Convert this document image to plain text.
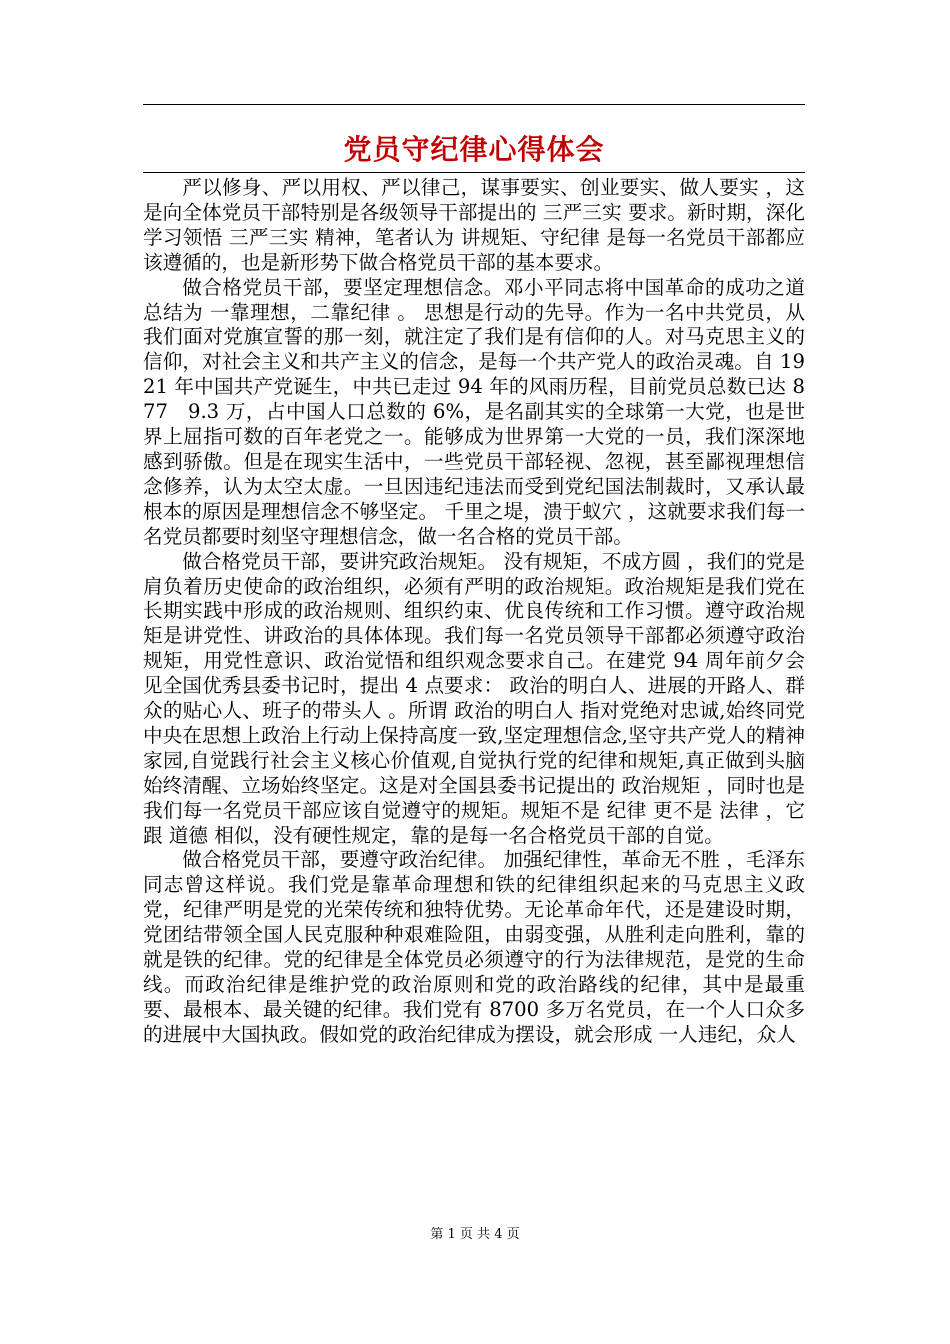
党员守纪律心得体会

严以修身、严以用权、严以律己，谋事要实、创业要实、做人要实 ，这是向全体党员干部特别是各级领导干部提出的 三严三实 要求。新时期，深化学习领悟 三严三实 精神，笔者认为 讲规矩、守纪律 是每一名党员干部都应该遵循的，也是新形势下做合格党员干部的基本要求。

做合格党员干部，要坚定理想信念。邓小平同志将中国革命的成功之道总结为 一靠理想，二靠纪律 。 思想是行动的先导。作为一名中共党员，从我们面对党旗宣誓的那一刻，就注定了我们是有信仰的人。对马克思主义的信仰，对社会主义和共产主义的信念，是每一个共产党人的政治灵魂。自 1921 年中国共产党诞生，中共已走过 94 年的风雨历程，目前党员总数已达 877   9.3 万，占中国人口总数的 6%，是名副其实的全球第一大党，也是世界上屈指可数的百年老党之一。能够成为世界第一大党的一员，我们深深地感到骄傲。但是在现实生活中，一些党员干部轻视、忽视，甚至鄙视理想信念修养，认为太空太虚。一旦因违纪违法而受到党纪国法制裁时，又承认最根本的原因是理想信念不够坚定。 千里之堤，溃于蚁穴 ，这就要求我们每一名党员都要时刻坚守理想信念，做一名合格的党员干部。

做合格党员干部，要讲究政治规矩。 没有规矩，不成方圆 ，我们的党是肩负着历史使命的政治组织，必须有严明的政治规矩。政治规矩是我们党在长期实践中形成的政治规则、组织约束、优良传统和工作习惯。遵守政治规矩是讲党性、讲政治的具体体现。我们每一名党员领导干部都必须遵守政治规矩，用党性意识、政治觉悟和组织观念要求自己。在建党 94 周年前夕会见全国优秀县委书记时，提出 4 点要求： 政治的明白人、进展的开路人、群众的贴心人、班子的带头人 。所谓 政治的明白人 指对党绝对忠诚,始终同党中央在思想上政治上行动上保持高度一致,坚定理想信念,坚守共产党人的精神家园,自觉践行社会主义核心价值观,自觉执行党的纪律和规矩,真正做到头脑始终清醒、立场始终坚定。这是对全国县委书记提出的 政治规矩 ，同时也是我们每一名党员干部应该自觉遵守的规矩。规矩不是 纪律 更不是 法律 ，它跟 道德 相似，没有硬性规定，靠的是每一名合格党员干部的自觉。

做合格党员干部，要遵守政治纪律。 加强纪律性，革命无不胜 ，毛泽东同志曾这样说。我们党是靠革命理想和铁的纪律组织起来的马克思主义政党，纪律严明是党的光荣传统和独特优势。无论革命年代，还是建设时期，党团结带领全国人民克服种种艰难险阻，由弱变强，从胜利走向胜利，靠的就是铁的纪律。党的纪律是全体党员必须遵守的行为法律规范，是党的生命线。而政治纪律是维护党的政治原则和党的政治路线的纪律，其中是最重要、最根本、最关键的纪律。我们党有 8700 多万名党员，在一个人口众多的进展中大国执政。假如党的政治纪律成为摆设，就会形成 一人违纪，众人

第 1 页 共 4 页
